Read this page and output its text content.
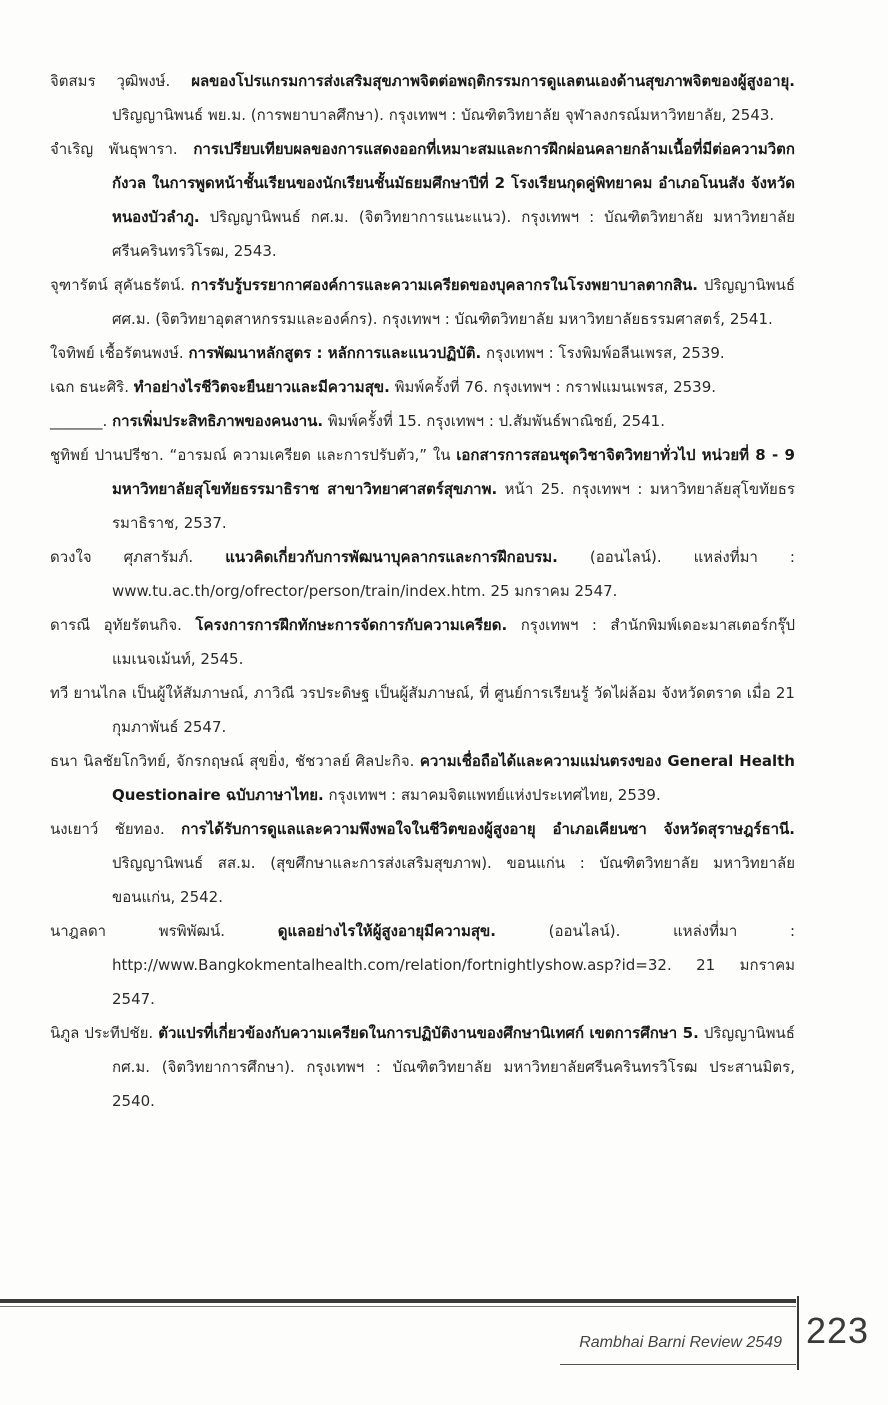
จิตสมร วุฒิพงษ์. ผลของโปรแกรมการส่งเสริมสุขภาพจิตต่อพฤติกรรมการดูแลตนเองด้านสุขภาพจิตของผู้สูงอายุ. ปริญญานิพนธ์ พย.ม. (การพยาบาลศึกษา). กรุงเทพฯ : บัณฑิตวิทยาลัย จุฬาลงกรณ์มหาวิทยาลัย, 2543.

จำเริญ พันธุพารา. การเปรียบเทียบผลของการแสดงออกที่เหมาะสมและการฝึกผ่อนคลายกล้ามเนื้อที่มีต่อความวิตกกังวล ในการพูดหน้าชั้นเรียนของนักเรียนชั้นมัธยมศึกษาปีที่ 2 โรงเรียนกุดคู่พิทยาคม อำเภอโนนสัง จังหวัดหนองบัวลำภู. ปริญญานิพนธ์ กศ.ม. (จิตวิทยาการแนะแนว). กรุงเทพฯ : บัณฑิตวิทยาลัย มหาวิทยาลัยศรีนครินทรวิโรฒ, 2543.

จุฑารัตน์ สุคันธรัตน์. การรับรู้บรรยากาศองค์การและความเครียดของบุคลากรในโรงพยาบาลตากสิน. ปริญญานิพนธ์ ศศ.ม. (จิตวิทยาอุตสาหกรรมและองค์กร). กรุงเทพฯ : บัณฑิตวิทยาลัย มหาวิทยาลัยธรรมศาสตร์, 2541.

ใจทิพย์ เชื้อรัตนพงษ์. การพัฒนาหลักสูตร : หลักการและแนวปฏิบัติ. กรุงเทพฯ : โรงพิมพ์อลีนเพรส, 2539.

เฉก ธนะศิริ. ทำอย่างไรชีวิตจะยืนยาวและมีความสุข. พิมพ์ครั้งที่ 76. กรุงเทพฯ : กราฟแมนเพรส, 2539.

_______. การเพิ่มประสิทธิภาพของคนงาน. พิมพ์ครั้งที่ 15. กรุงเทพฯ : ป.สัมพันธ์พาณิชย์, 2541.

ชูทิพย์ ปานปรีชา. “อารมณ์ ความเครียด และการปรับตัว,” ใน เอกสารการสอนชุดวิชาจิตวิทยาทั่วไป หน่วยที่ 8 - 9 มหาวิทยาลัยสุโขทัยธรรมาธิราช สาขาวิทยาศาสตร์สุขภาพ. หน้า 25. กรุงเทพฯ : มหาวิทยาลัยสุโขทัยธรรมาธิราช, 2537.

ดวงใจ ศุภสารัมภ์. แนวคิดเกี่ยวกับการพัฒนาบุคลากรและการฝึกอบรม. (ออนไลน์). แหล่งที่มา : www.tu.ac.th/org/ofrector/person/train/index.htm. 25 มกราคม 2547.

ดารณี อุทัยรัตนกิจ. โครงการการฝึกทักษะการจัดการกับความเครียด. กรุงเทพฯ : สำนักพิมพ์เดอะมาสเตอร์กรุ๊ป แมเนจเม้นท์, 2545.

ทวี ยานไกล เป็นผู้ให้สัมภาษณ์, ภาวิณี วรประดิษฐ เป็นผู้สัมภาษณ์, ที่ ศูนย์การเรียนรู้ วัดไผ่ล้อม จังหวัดตราด เมื่อ 21 กุมภาพันธ์ 2547.

ธนา นิลชัยโกวิทย์, จักรกฤษณ์ สุขยิ่ง, ชัชวาลย์ ศิลปะกิจ. ความเชื่อถือได้และความแม่นตรงของ General Health Questionaire ฉบับภาษาไทย. กรุงเทพฯ : สมาคมจิตแพทย์แห่งประเทศไทย, 2539.

นงเยาว์ ชัยทอง. การได้รับการดูแลและความพึงพอใจในชีวิตของผู้สูงอายุ อำเภอเคียนซา จังหวัดสุราษฎร์ธานี. ปริญญานิพนธ์ สส.ม. (สุขศึกษาและการส่งเสริมสุขภาพ). ขอนแก่น : บัณฑิตวิทยาลัย มหาวิทยาลัยขอนแก่น, 2542.

นาฎลดา พรพิพัฒน์.	ดูแลอย่างไรให้ผู้สูงอายุมีความสุข.	(ออนไลน์). แหล่งที่มา : http://www.Bangkokmentalhealth.com/relation/fortnightlyshow.asp?id=32. 21 มกราคม 2547.

นิภูล ประทีปชัย. ตัวแปรที่เกี่ยวข้องกับความเครียดในการปฏิบัติงานของศึกษานิเทศก์ เขตการศึกษา 5. ปริญญานิพนธ์ กศ.ม. (จิตวิทยาการศึกษา). กรุงเทพฯ : บัณฑิตวิทยาลัย มหาวิทยาลัยศรีนครินทรวิโรฒ ประสานมิตร, 2540.

Rambhai Barni Review 2549 223
